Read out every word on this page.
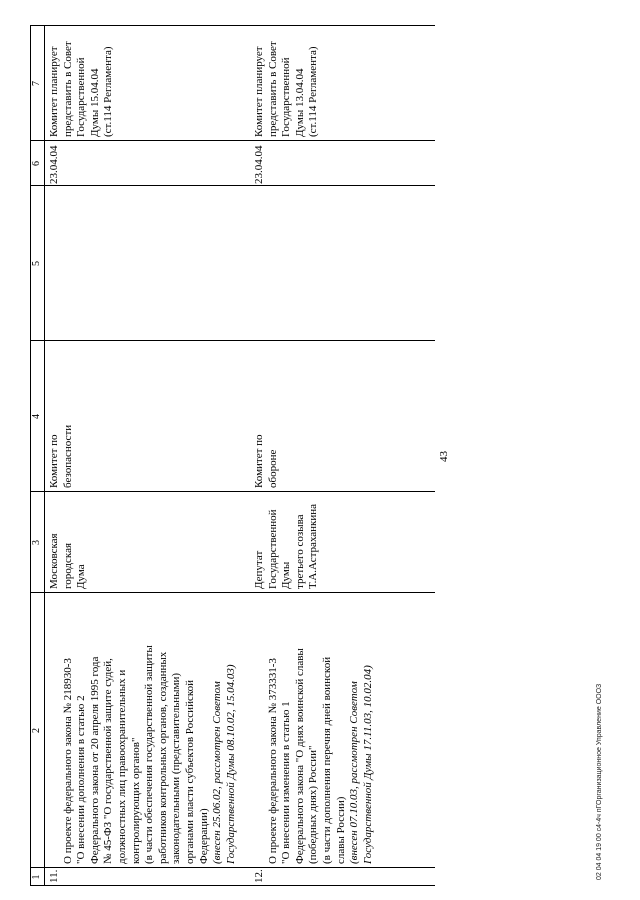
43
1
2
3
4
5
6
7
11.

О проекте федерального закона № 218930-3
"О внесении дополнения в статью 2
Федерального закона от 20 апреля 1995 года
№ 45-ФЗ "О государственной защите судей,
должностных лиц правоохранительных и
контролирующих органов"
(в части обеспечения государственной защиты
работников контрольных органов, созданных
законодательными (представительными)
органами власти субъектов Российской
Федерации) (внесен 25.06.02, рассмотрен Советом
Государственной Думы 08.10.02, 15.04.03)

Московская городская
Дума
Комитет по
безопасности
23.04.04
Комитет планирует
представить в Совет
Государственной
Думы 15.04.04
(ст.114 Регламента)
12.

О проекте федерального закона № 373331-3
"О внесении изменения в статью 1
Федерального закона "О днях воинской славы
(победных днях) России"
(в части дополнения перечня дней воинской
славы России)

(внесен 07.10.03, рассмотрен Советом
Государственной Думы 17.11.03, 10.02.04)

Депутат
Государственной
Думы
третьего созыва
Т.А.Астраханкина
Комитет по
обороне
23.04.04
Комитет планирует
представить в Совет
Государственной
Думы 13.04.04
(ст.114 Регламента)
02 04 04 19 00 с4-4ч пГОрганизационное Управление ОООЗ
